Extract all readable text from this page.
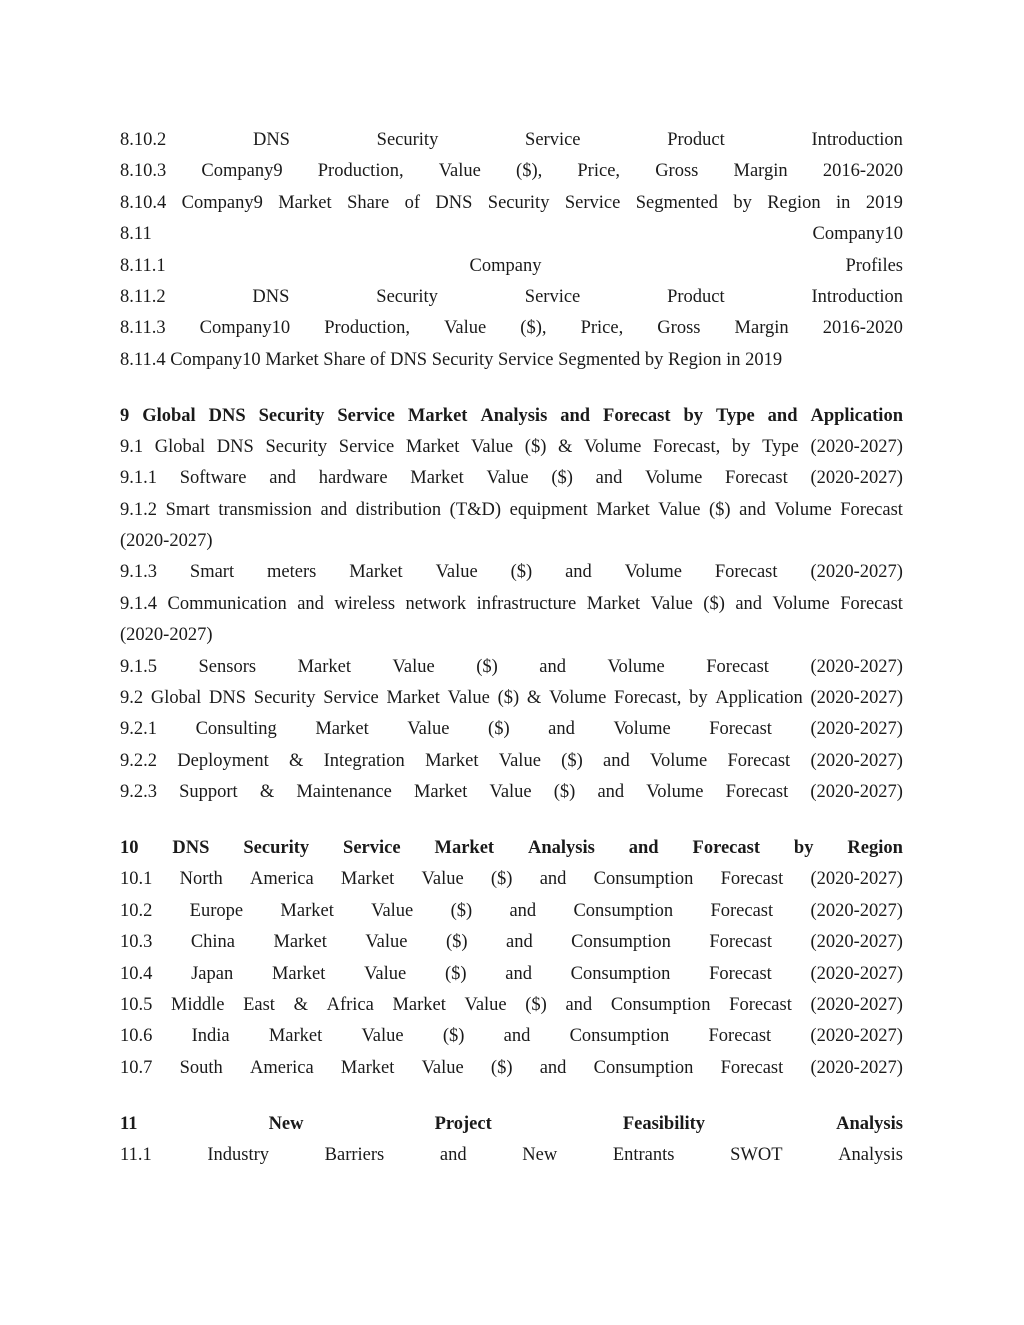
8.10.2	DNS	Security	Service	Product	Introduction
8.10.3 Company9 Production, Value ($), Price, Gross Margin 2016-2020
8.10.4 Company9 Market Share of DNS Security Service Segmented by Region in 2019
8.11	Company10
8.11.1	Company	Profiles
8.11.2	DNS	Security	Service	Product	Introduction
8.11.3 Company10 Production, Value ($), Price, Gross Margin 2016-2020
8.11.4 Company10 Market Share of DNS Security Service Segmented by Region in 2019
9 Global DNS Security Service Market Analysis and Forecast by Type and Application
9.1 Global DNS Security Service Market Value ($) & Volume Forecast, by Type (2020-2027)
9.1.1 Software and hardware Market Value ($) and Volume Forecast (2020-2027)
9.1.2 Smart transmission and distribution (T&D) equipment Market Value ($) and Volume Forecast
(2020-2027)
9.1.3 Smart meters Market Value ($) and Volume Forecast (2020-2027)
9.1.4 Communication and wireless network infrastructure Market Value ($) and Volume Forecast
(2020-2027)
9.1.5 Sensors Market Value ($) and Volume Forecast (2020-2027)
9.2 Global DNS Security Service Market Value ($) & Volume Forecast, by Application (2020-2027)
9.2.1 Consulting Market Value ($) and Volume Forecast (2020-2027)
9.2.2 Deployment & Integration Market Value ($) and Volume Forecast (2020-2027)
9.2.3 Support & Maintenance Market Value ($) and Volume Forecast (2020-2027)
10 DNS Security Service Market Analysis and Forecast by Region
10.1 North America Market Value ($) and Consumption Forecast (2020-2027)
10.2 Europe Market Value ($) and Consumption Forecast (2020-2027)
10.3 China Market Value ($) and Consumption Forecast (2020-2027)
10.4 Japan Market Value ($) and Consumption Forecast (2020-2027)
10.5 Middle East & Africa Market Value ($) and Consumption Forecast (2020-2027)
10.6 India Market Value ($) and Consumption Forecast (2020-2027)
10.7 South America Market Value ($) and Consumption Forecast (2020-2027)
11	New	Project	Feasibility	Analysis
11.1	Industry	Barriers	and	New	Entrants	SWOT	Analysis
